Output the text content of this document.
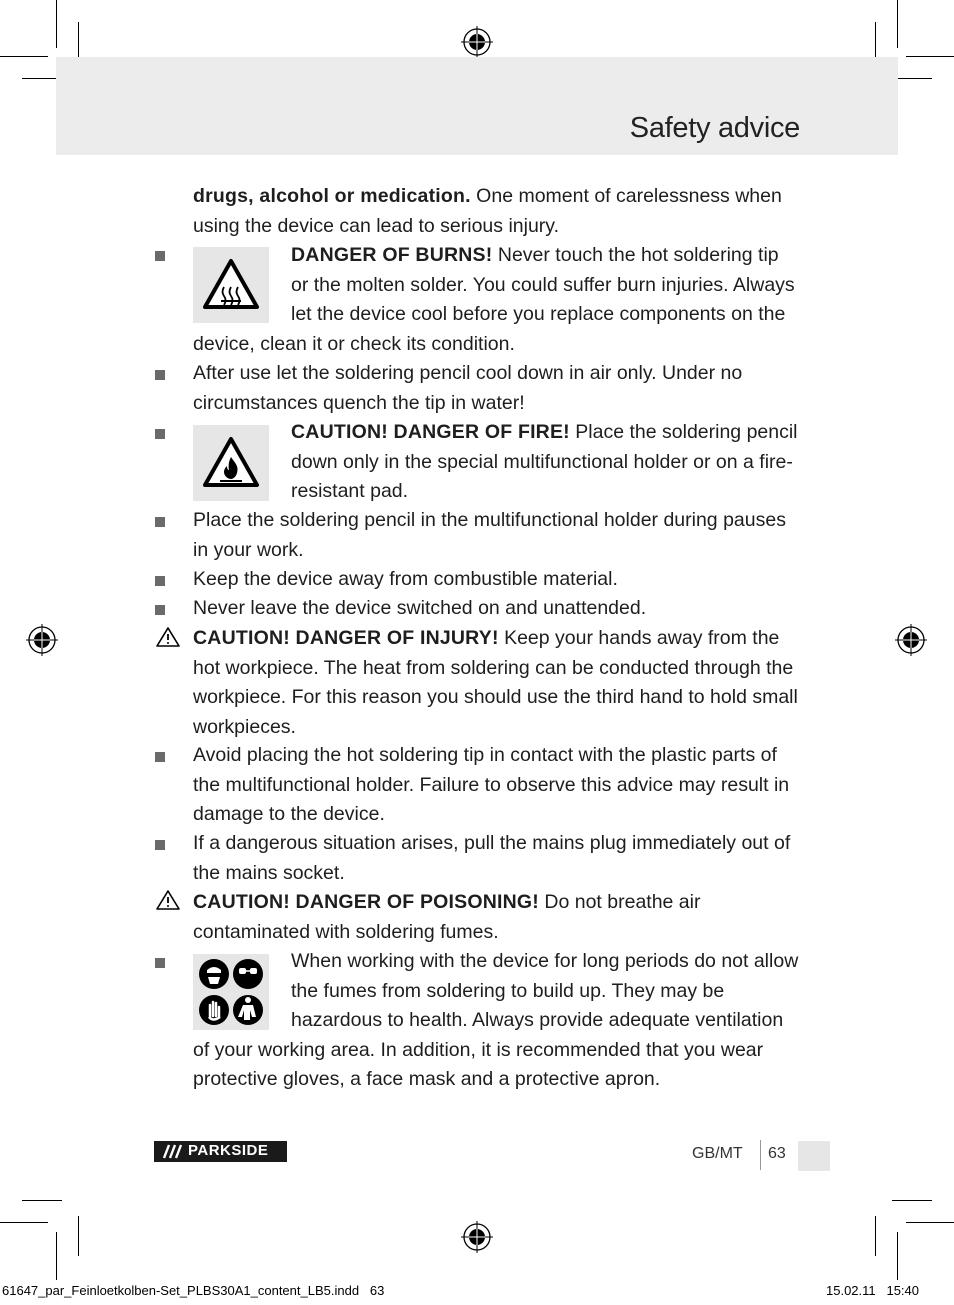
Safety advice
drugs, alcohol or medication. One moment of carelessness when using the device can lead to serious injury.
DANGER OF BURNS! Never touch the hot soldering tip or the molten solder. You could suffer burn injuries. Always let the device cool before you replace components on the device, clean it or check its condition.
After use let the soldering pencil cool down in air only. Under no circumstances quench the tip in water!
CAUTION! DANGER OF FIRE! Place the soldering pencil down only in the special multifunctional holder or on a fire-resistant pad.
Place the soldering pencil in the multifunctional holder during pauses in your work.
Keep the device away from combustible material.
Never leave the device switched on and unattended.
CAUTION! DANGER OF INJURY! Keep your hands away from the hot workpiece. The heat from soldering can be conducted through the workpiece. For this reason you should use the third hand to hold small workpieces.
Avoid placing the hot soldering tip in contact with the plastic parts of the multifunctional holder. Failure to observe this advice may result in damage to the device.
If a dangerous situation arises, pull the mains plug immediately out of the mains socket.
CAUTION! DANGER OF POISONING! Do not breathe air contaminated with soldering fumes.
When working with the device for long periods do not allow the fumes from soldering to build up. They may be hazardous to health. Always provide adequate ventilation of your working area. In addition, it is recommended that you wear protective gloves, a face mask and a protective apron.
PARKSIDE	GB/MT 63
61647_par_Feinloetkolben-Set_PLBS30A1_content_LB5.indd   63	15.02.11   15:40
